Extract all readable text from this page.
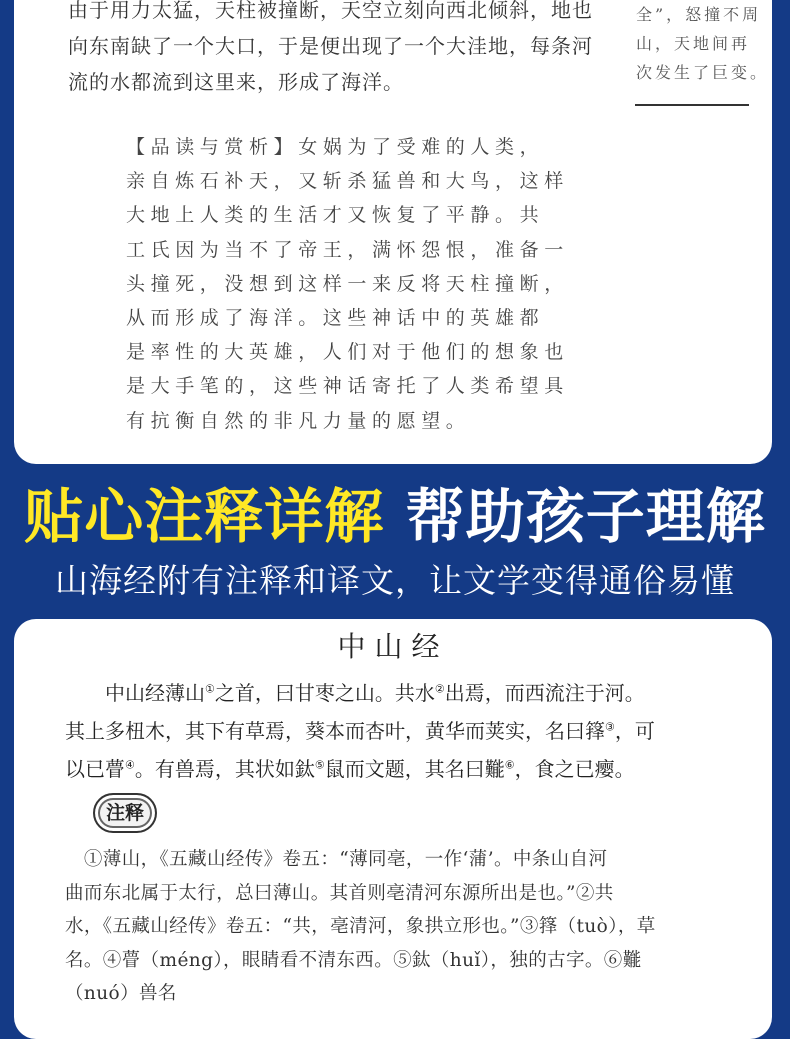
由于用力太猛，天柱被撞断，天空立刻向西北倾斜，地也

向东南缺了一个大口，于是便出现了一个大洼地，每条河

流的水都流到这里来，形成了海洋。

全”，怒撞不周

山，天地间再

次发生了巨变。

【品读与赏析】女娲为了受难的人类，

亲自炼石补天，又斩杀猛兽和大鸟，这样

大地上人类的生活才又恢复了平静。共

工氏因为当不了帝王，满怀怨恨，准备一

头撞死，没想到这样一来反将天柱撞断，

从而形成了海洋。这些神话中的英雄都

是率性的大英雄，人们对于他们的想象也

是大手笔的，这些神话寄托了人类希望具

有抗衡自然的非凡力量的愿望。

贴心注释详解 帮助孩子理解
山海经附有注释和译文，让文学变得通俗易懂
中山经

  中山经薄山①之首，曰甘枣之山。共水②出焉，而西流注于河。

其上多杻木，其下有草焉，葵本而杏叶，黄华而荚实，名曰箨③，可

以已瞢④。有兽焉，其状如鈦⑤鼠而文题，其名曰㔮⑥，食之已瘿。

注释

 ①薄山，《五藏山经传》卷五：“薄同亳，一作‘蒲’。中条山自河

曲而东北属于太行，总曰薄山。其首则亳清河东源所出是也。”②共

水，《五藏山经传》卷五：“共，亳清河，象拱立形也。”③箨（tuò），草

名。④瞢（méng），眼睛看不清东西。⑤鈦（huǐ），独的古字。⑥㔮

（nuó）兽名
